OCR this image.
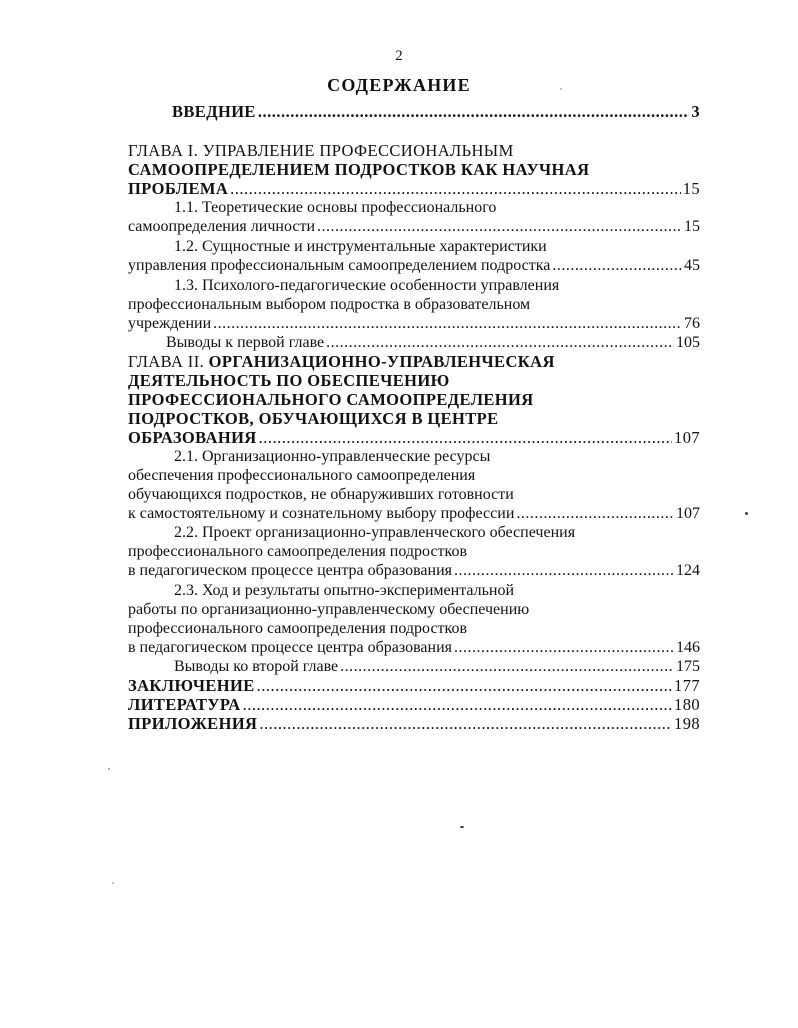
2
СОДЕРЖАНИЕ
ВВЕДНИЕ .....	3
ГЛАВА I. УПРАВЛЕНИЕ ПРОФЕССИОНАЛЬНЫМ
САМООПРЕДЕЛЕНИЕМ ПОДРОСТКОВ КАК НАУЧНАЯ
ПРОБЛЕМА .....	15
1.1. Теоретические основы профессионального
самоопределения личности .....	15
1.2. Сущностные и инструментальные характеристики
управления профессиональным самоопределением подростка .....	45
1.3. Психолого-педагогические особенности управления
профессиональным выбором подростка в образовательном
учреждении .....	76
Выводы к первой главе .....	105
ГЛАВА II. ОРГАНИЗАЦИОННО-УПРАВЛЕНЧЕСКАЯ
ДЕЯТЕЛЬНОСТЬ ПО ОБЕСПЕЧЕНИЮ
ПРОФЕССИОНАЛЬНОГО САМООПРЕДЕЛЕНИЯ
ПОДРОСТКОВ, ОБУЧАЮЩИХСЯ В ЦЕНТРЕ
ОБРАЗОВАНИЯ .....	107
2.1. Организационно-управленческие ресурсы
обеспечения профессионального самоопределения
обучающихся подростков, не обнаруживших готовности
к самостоятельному и сознательному выбору профессии .....	107
2.2. Проект организационно-управленческого обеспечения
профессионального самоопределения подростков
в педагогическом процессе центра образования .....	124
2.3. Ход и результаты опытно-экспериментальной
работы по организационно-управленческому обеспечению
профессионального самоопределения подростков
в педагогическом процессе центра образования .....	146
Выводы ко второй главе .....	175
ЗАКЛЮЧЕНИЕ .....	177
ЛИТЕРАТУРА .....	180
ПРИЛОЖЕНИЯ .....	198
